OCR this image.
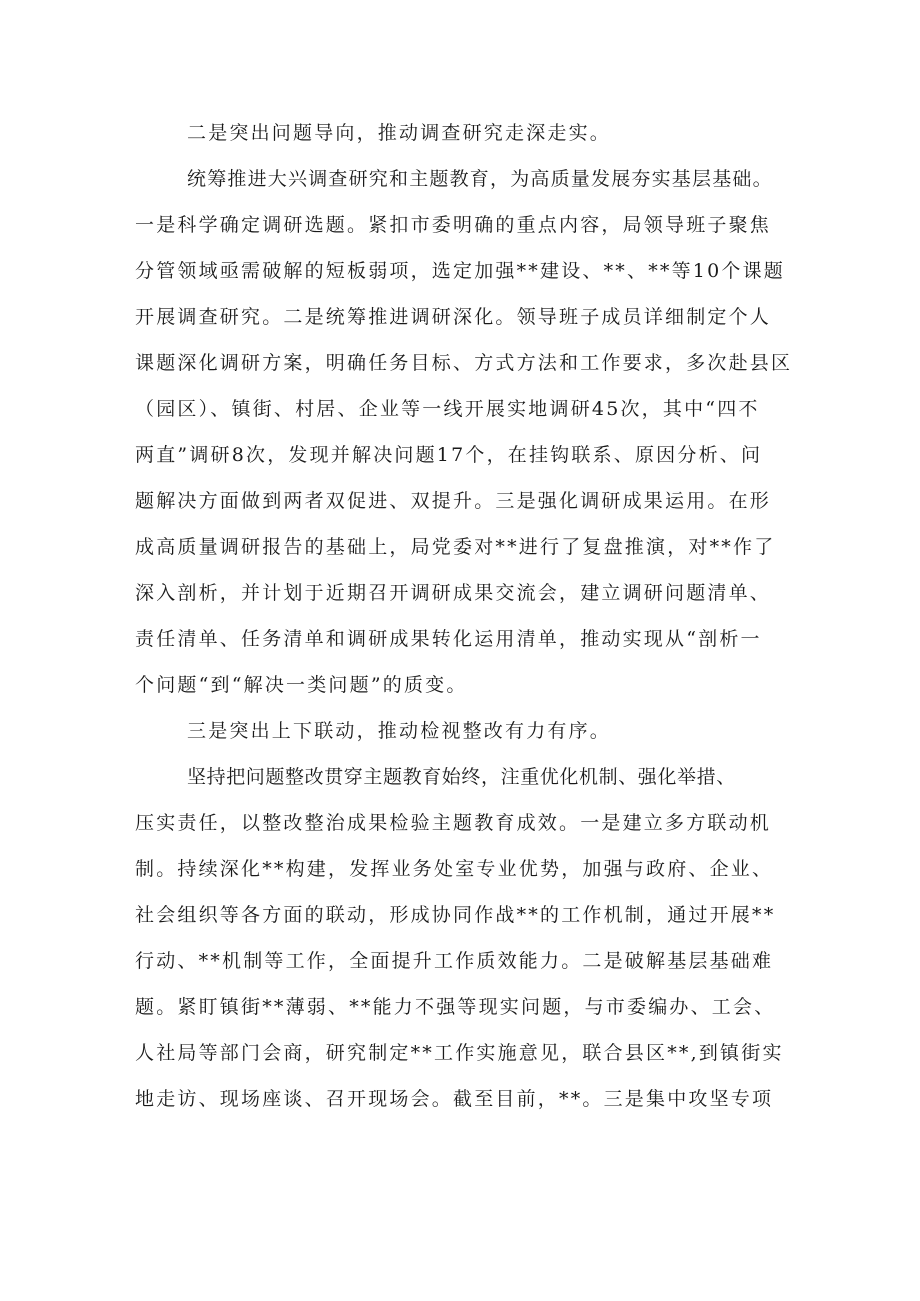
二是突出问题导向，推动调查研究走深走实。
统筹推进大兴调查研究和主题教育，为高质量发展夯实基层基础。
一是科学确定调研选题。紧扣市委明确的重点内容，局领导班子聚焦
分管领域亟需破解的短板弱项，选定加强**建设、**、**等10个课题
开展调查研究。二是统筹推进调研深化。领导班子成员详细制定个人
课题深化调研方案，明确任务目标、方式方法和工作要求，多次赴县区
（园区）、镇街、村居、企业等一线开展实地调研45次，其中“四不
两直”调研8次，发现并解决问题17个，在挂钩联系、原因分析、问
题解决方面做到两者双促进、双提升。三是强化调研成果运用。在形
成高质量调研报告的基础上，局党委对**进行了复盘推演，对**作了
深入剖析，并计划于近期召开调研成果交流会，建立调研问题清单、
责任清单、任务清单和调研成果转化运用清单，推动实现从“剖析一
个问题“到“解决一类问题”的质变。
三是突出上下联动，推动检视整改有力有序。
坚持把问题整改贯穿主题教育始终，注重优化机制、强化举措、
压实责任，以整改整治成果检验主题教育成效。一是建立多方联动机
制。持续深化**构建，发挥业务处室专业优势，加强与政府、企业、
社会组织等各方面的联动，形成协同作战**的工作机制，通过开展**
行动、**机制等工作，全面提升工作质效能力。二是破解基层基础难
题。紧盯镇街**薄弱、**能力不强等现实问题，与市委编办、工会、
人社局等部门会商，研究制定**工作实施意见，联合县区**,到镇街实
地走访、现场座谈、召开现场会。截至目前，**。三是集中攻坚专项
